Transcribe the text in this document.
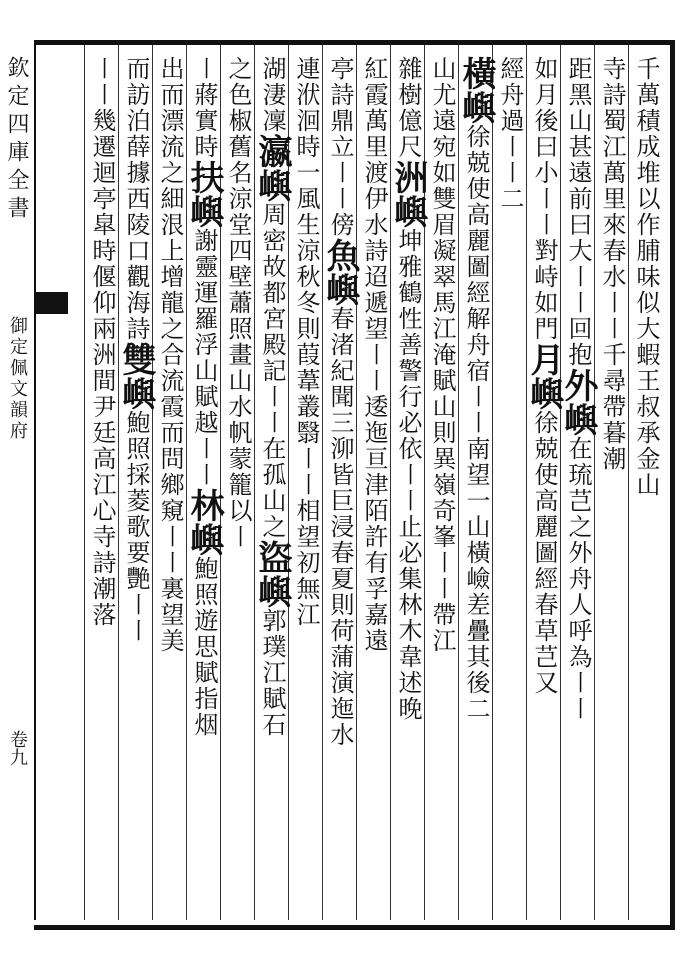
欽定四庫全書
御定佩文韻府
卷九
千萬積成堆以作脯味似大蝦王叔承金山
寺詩蜀江萬里來春水〡〡千尋帶暮潮
距黑山甚遠前曰大〡〡回抱外嶼在琉芑之外舟人呼為〡〡
如月後曰小〡〡對峙如門月嶼徐兢使高麗圖經春草芑又
經舟過〡〡二
橫嶼徐兢使高麗圖經解舟宿〡〡南望一山橫嶮差疊其後二
山尤遠宛如雙眉凝翠馬江淹賦山則異嶺奇峯〡〡帶江
雜樹億尺洲嶼坤雅鶴性善警行必依〡〡止必集林木韋述晚
紅霞萬里渡伊水詩迢遞望〡〡逶迤亘津陌許有孚嘉遠
亭詩鼎立〡〡傍魚嶼春渚紀聞三泖皆巨浸春夏則荷蒲演迤水
連洑洄時一風生涼秋冬則葭葦叢翳〡〡相望初無江
湖淒凜瀛嶼周密故都宮殿記〡〡在孤山之盜嶼郭璞江賦石
之色椒舊名涼堂四壁蕭照畫山水帆蒙籠以〡
〡蔣實時扶嶼謝靈運羅浮山賦越〡〡林嶼鮑照遊思賦指烟
出而漂流之細泿上增龍之合流霞而問鄉窺〡〡裏望美
而訪泊薛據西陵口觀海詩雙嶼鮑照採菱歌要艷〡〡
〡〡幾遷迴亭皐時偃仰兩洲間尹廷高江心寺詩潮落
